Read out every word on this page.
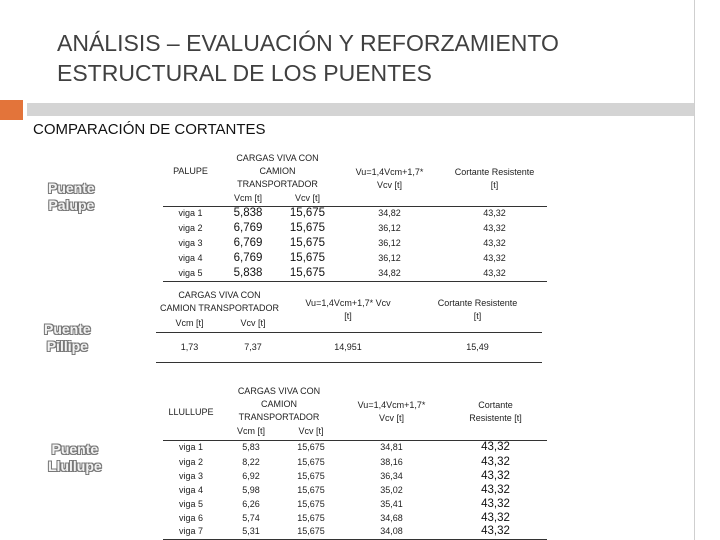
ANÁLISIS – EVALUACIÓN Y REFORZAMIENTO ESTRUCTURAL DE LOS PUENTES
COMPARACIÓN DE CORTANTES
Puente
Palupe
Puente
Pillipe
Puente
Llullupe
PALUPE	CARGAS VIVA CON CAMION TRANSPORTADOR		Vu=1,4Vcm+1,7* Vcv [t]	Cortante Resistente [t]

	Vcm [t]	Vcv [t]		
viga 1	5,838	15,675	34,82	43,32
viga 2	6,769	15,675	36,12	43,32
viga 3	6,769	15,675	36,12	43,32
viga 4	6,769	15,675	36,12	43,32
viga 5	5,838	15,675	34,82	43,32
CARGAS VIVA CON CAMION TRANSPORTADOR		Vu=1,4Vcm+1,7* Vcv [t]	Cortante Resistente [t]

Vcm [t]	Vcv [t]		
1,73	7,37	14,951	15,49
LLULLUPE	CARGAS VIVA CON CAMION TRANSPORTADOR		Vu=1,4Vcm+1,7* Vcv [t]	Cortante Resistente [t]

	Vcm [t]	Vcv [t]		
viga 1	5,83	15,675	34,81	43,32
viga 2	8,22	15,675	38,16	43,32
viga 3	6,92	15,675	36,34	43,32
viga 4	5,98	15,675	35,02	43,32
viga 5	6,26	15,675	35,41	43,32
viga 6	5,74	15,675	34,68	43,32
viga 7	5,31	15,675	34,08	43,32
